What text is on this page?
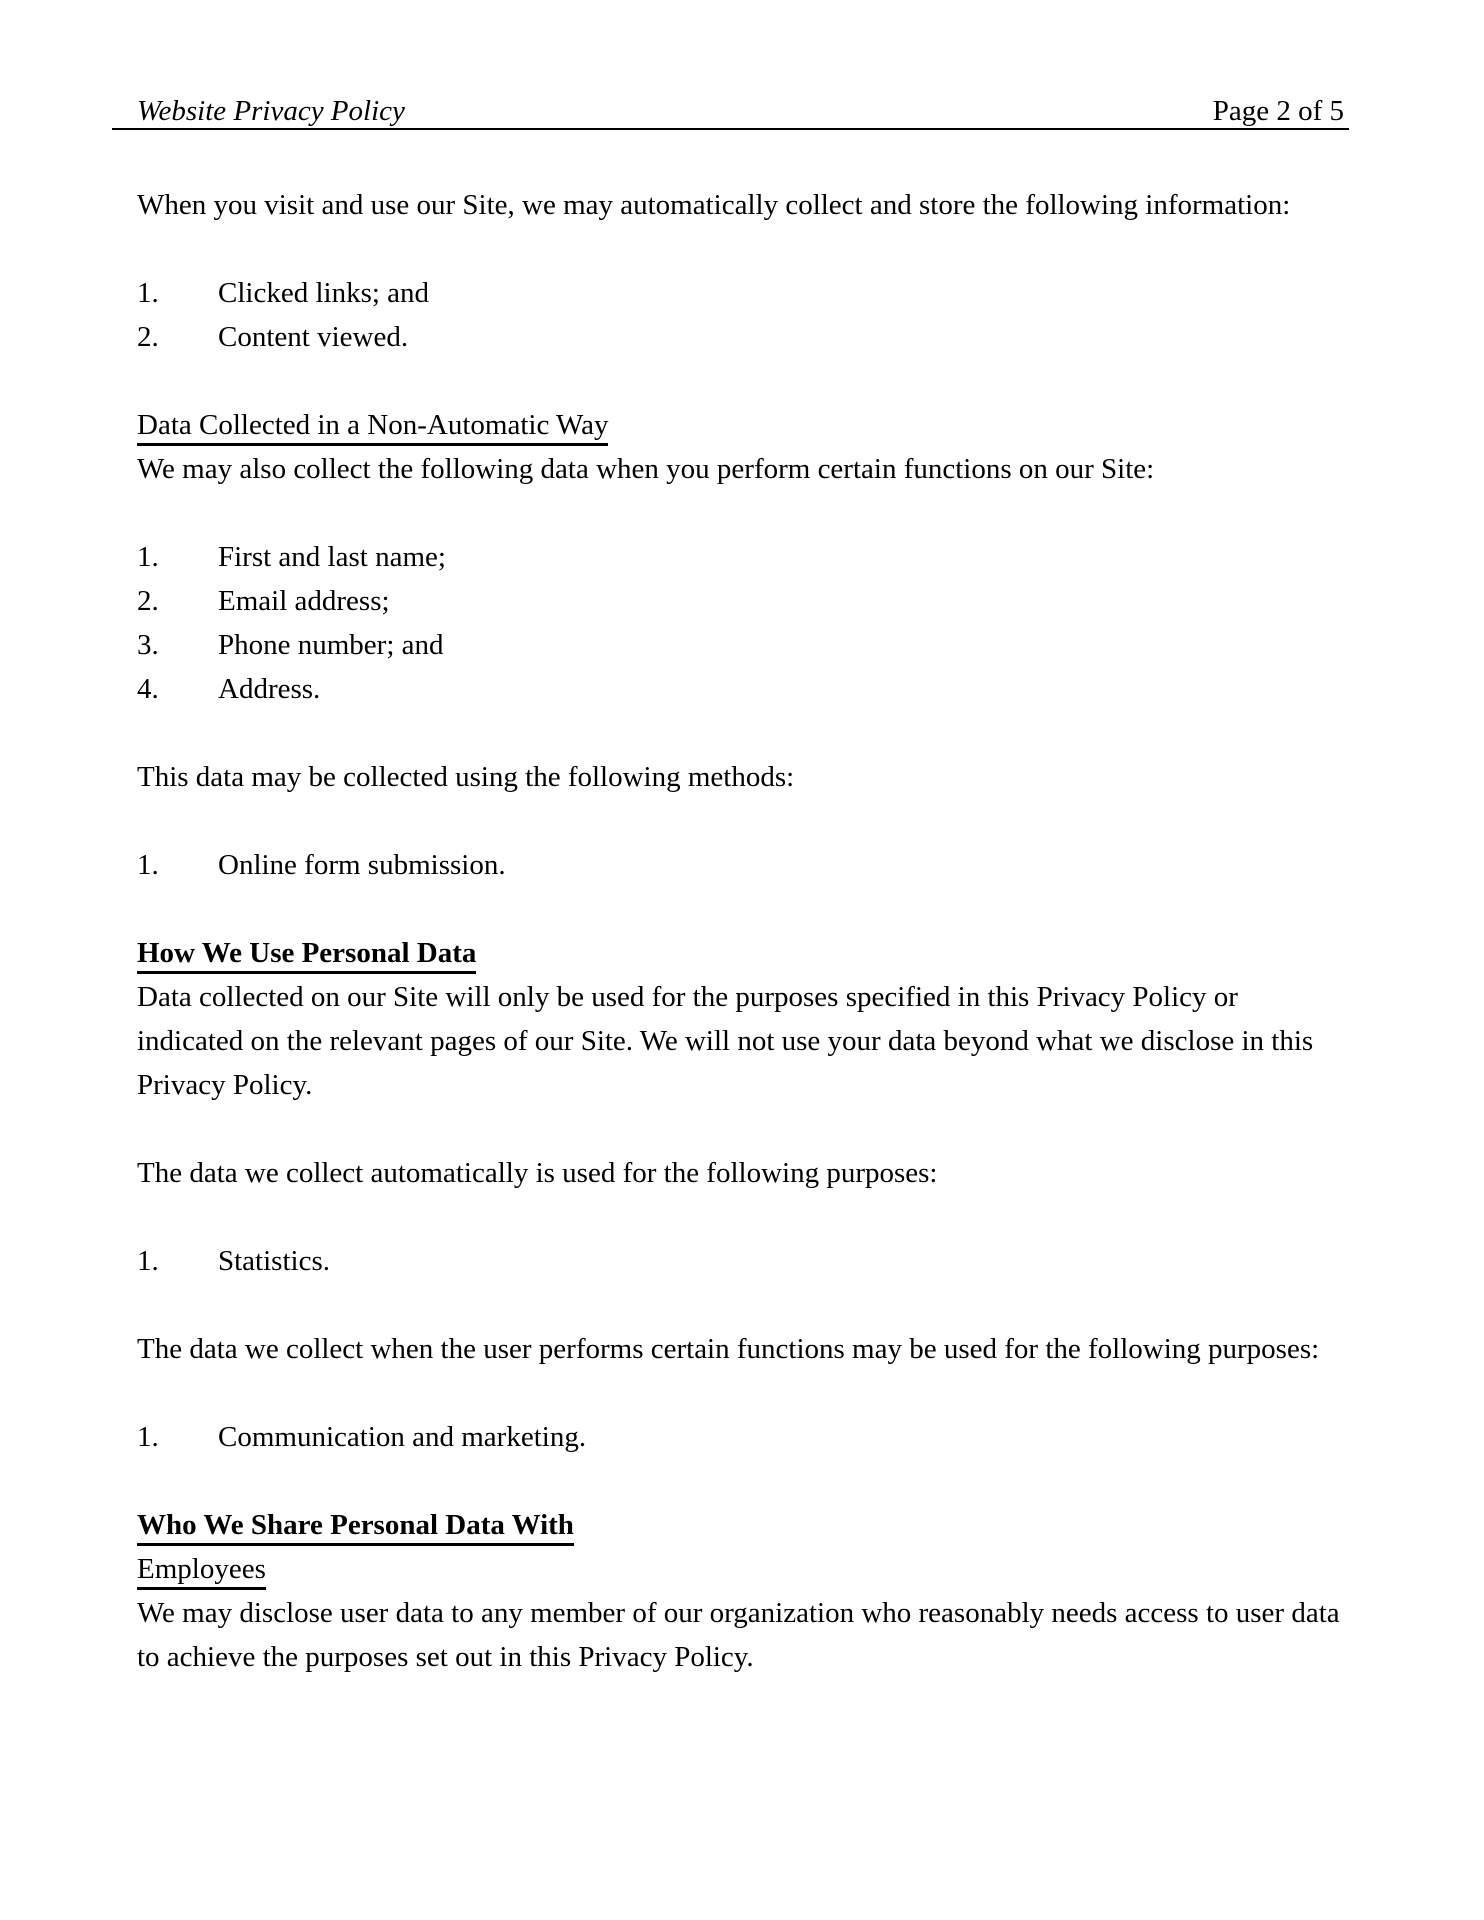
Website Privacy Policy	Page 2 of 5
When you visit and use our Site, we may automatically collect and store the following information:
1. Clicked links; and
2. Content viewed.
Data Collected in a Non-Automatic Way
We may also collect the following data when you perform certain functions on our Site:
1. First and last name;
2. Email address;
3. Phone number; and
4. Address.
This data may be collected using the following methods:
1. Online form submission.
How We Use Personal Data
Data collected on our Site will only be used for the purposes specified in this Privacy Policy or
indicated on the relevant pages of our Site. We will not use your data beyond what we disclose in this
Privacy Policy.
The data we collect automatically is used for the following purposes:
1. Statistics.
The data we collect when the user performs certain functions may be used for the following purposes:
1. Communication and marketing.
Who We Share Personal Data With
Employees
We may disclose user data to any member of our organization who reasonably needs access to user data
to achieve the purposes set out in this Privacy Policy.
